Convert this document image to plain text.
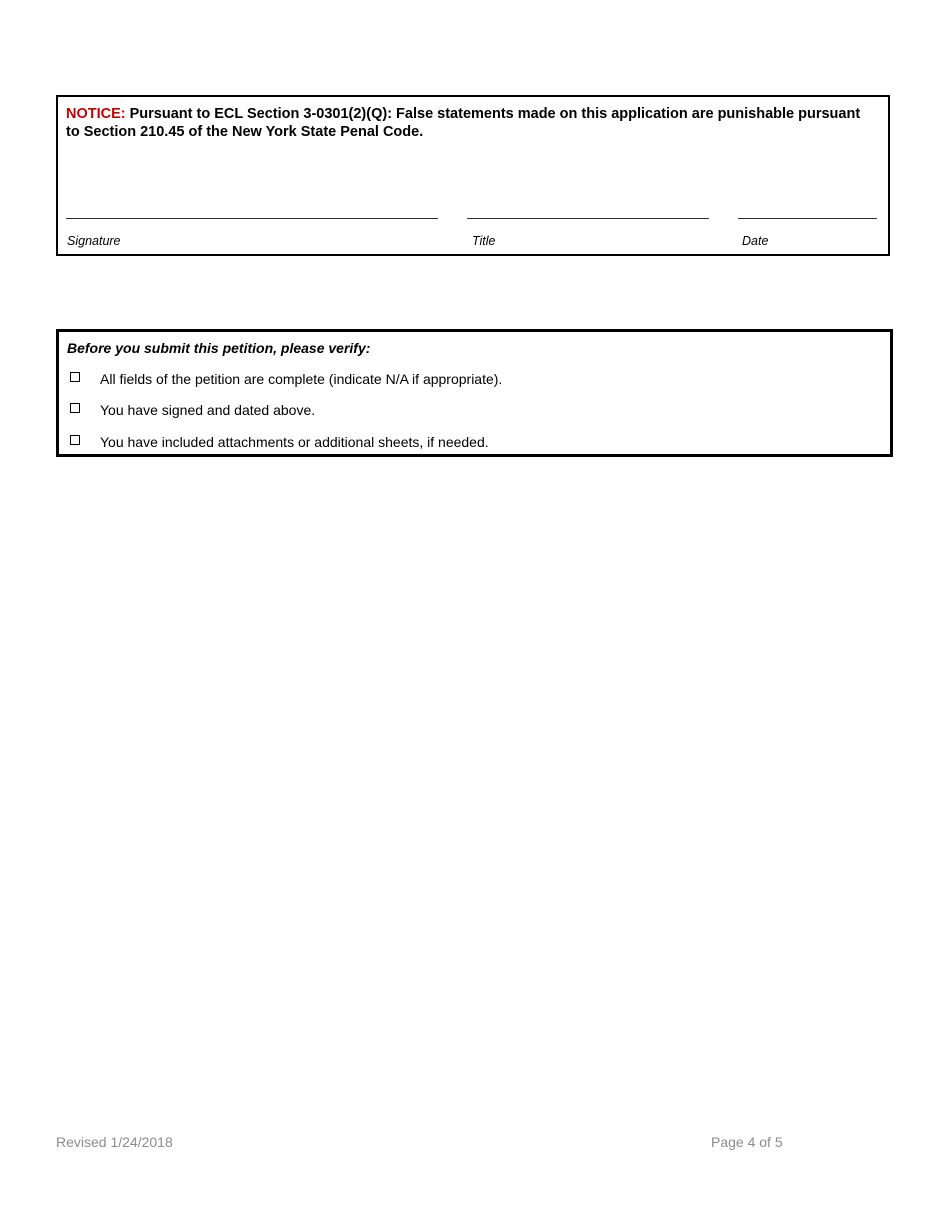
NOTICE: Pursuant to ECL Section 3-0301(2)(Q): False statements made on this application are punishable pursuant to Section 210.45 of the New York State Penal Code.
Signature	Title	Date
Before you submit this petition, please verify:
All fields of the petition are complete (indicate N/A if appropriate).
You have signed and dated above.
You have included attachments or additional sheets, if needed.
Revised 1/24/2018	Page 4 of 5
